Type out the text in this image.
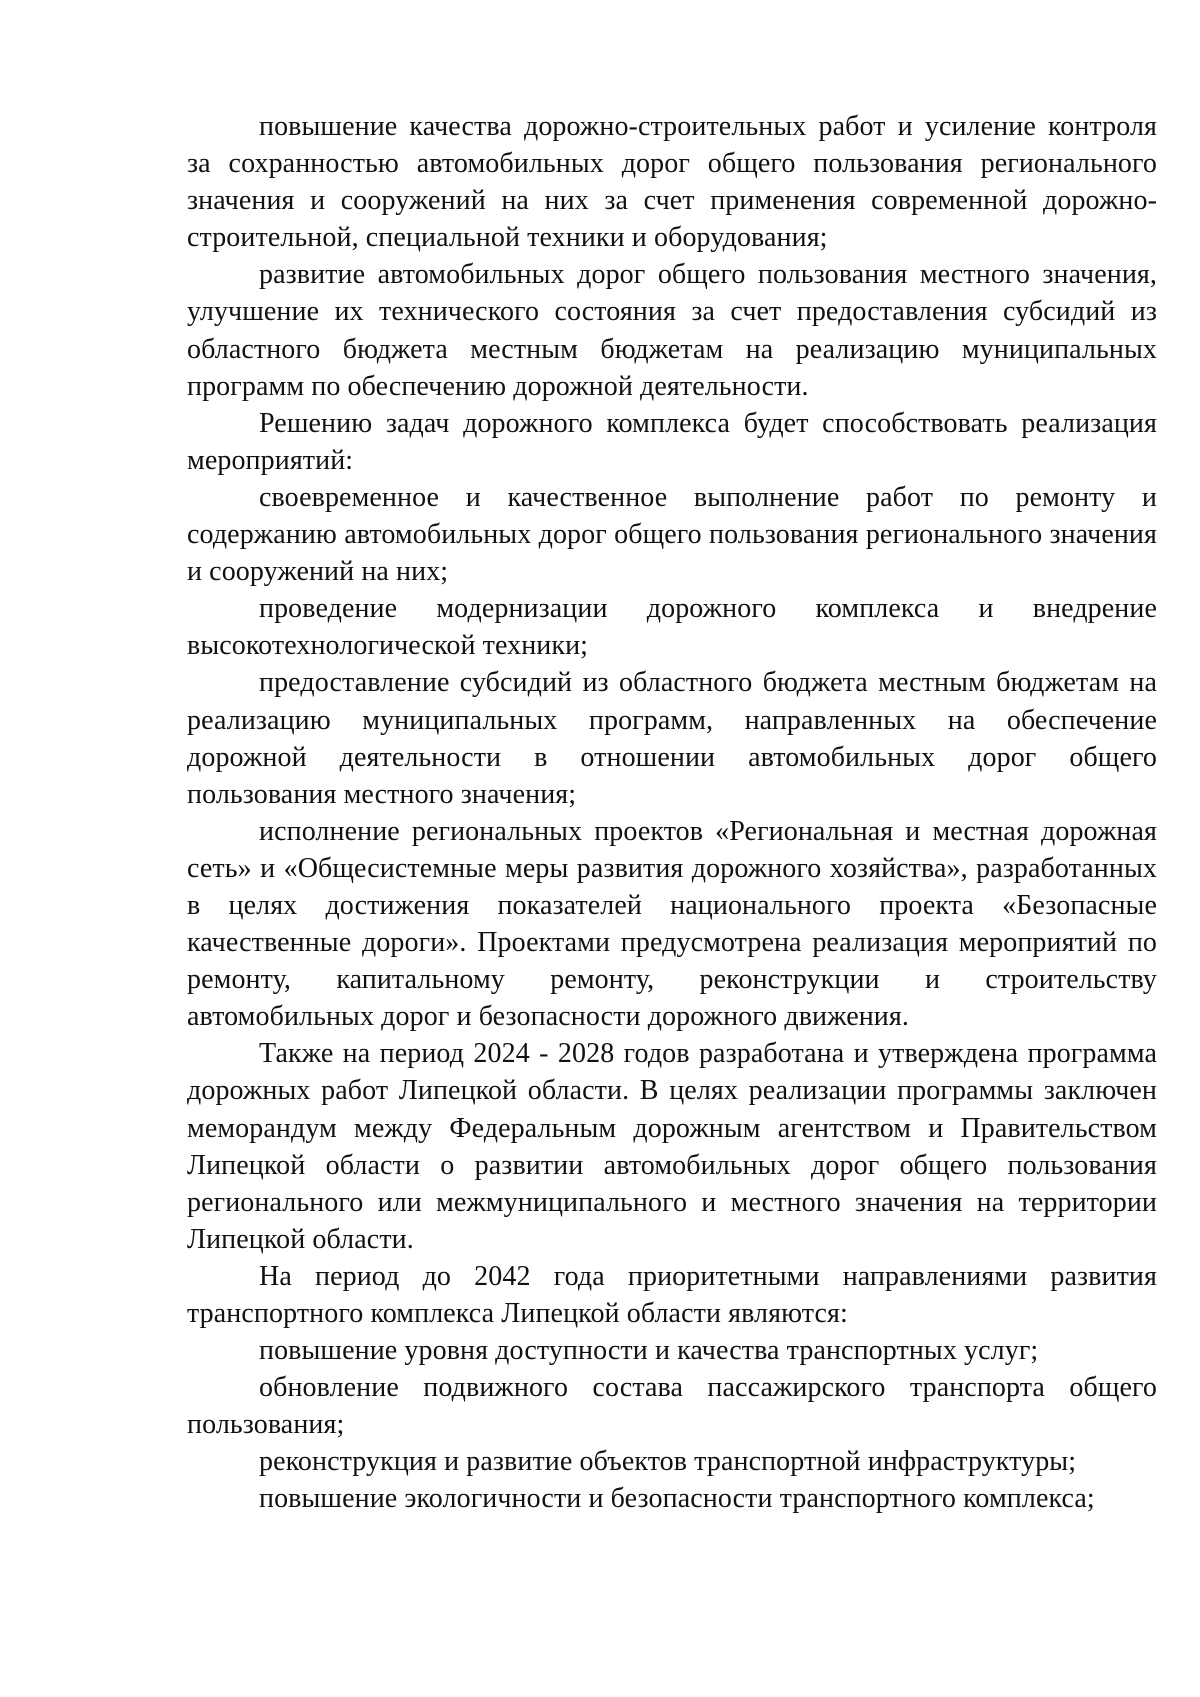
повышение качества дорожно-строительных работ и усиление контроля за сохранностью автомобильных дорог общего пользования регионального значения и сооружений на них за счет применения современной дорожно-строительной, специальной техники и оборудования;

развитие автомобильных дорог общего пользования местного значения, улучшение их технического состояния за счет предоставления субсидий из областного бюджета местным бюджетам на реализацию муниципальных программ по обеспечению дорожной деятельности.

Решению задач дорожного комплекса будет способствовать реализация мероприятий:

своевременное и качественное выполнение работ по ремонту и содержанию автомобильных дорог общего пользования регионального значения и сооружений на них;

проведение модернизации дорожного комплекса и внедрение высокотехнологической техники;

предоставление субсидий из областного бюджета местным бюджетам на реализацию муниципальных программ, направленных на обеспечение дорожной деятельности в отношении автомобильных дорог общего пользования местного значения;

исполнение региональных проектов «Региональная и местная дорожная сеть» и «Общесистемные меры развития дорожного хозяйства», разработанных в целях достижения показателей национального проекта «Безопасные качественные дороги». Проектами предусмотрена реализация мероприятий по ремонту, капитальному ремонту, реконструкции и строительству автомобильных дорог и безопасности дорожного движения.

Также на период 2024 - 2028 годов разработана и утверждена программа дорожных работ Липецкой области. В целях реализации программы заключен меморандум между Федеральным дорожным агентством и Правительством Липецкой области о развитии автомобильных дорог общего пользования регионального или межмуниципального и местного значения на территории Липецкой области.

На период до 2042 года приоритетными направлениями развития транспортного комплекса Липецкой области являются:

повышение уровня доступности и качества транспортных услуг;

обновление подвижного состава пассажирского транспорта общего пользования;

реконструкция и развитие объектов транспортной инфраструктуры;

повышение экологичности и безопасности транспортного комплекса;
